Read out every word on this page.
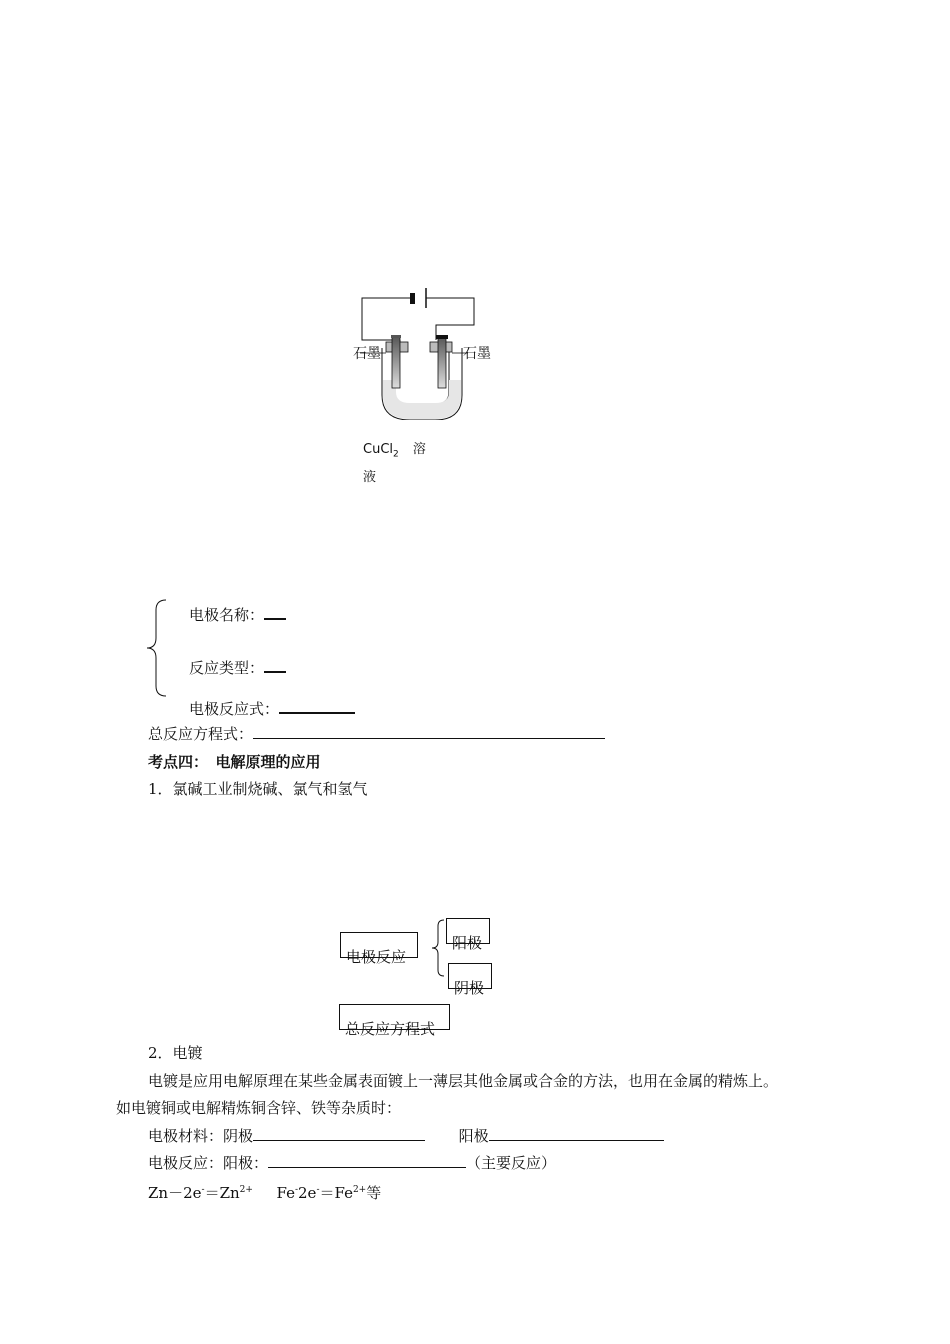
石墨	石墨
CuCl$_2$ 溶
液
电极名称：
反应类型：
电极反应式：
总反应方程式：
考点四：　电解原理的应用
1．氯碱工业制烧碱、氯气和氢气
电极反应
阳极
阴极
总反应方程式
2．电镀
电镀是应用电解原理在某些金属表面镀上一薄层其他金属或合金的方法，也用在金属的精炼上。
如电镀铜或电解精炼铜含锌、铁等杂质时：
电极材料：阴极	阳极
电极反应：阳极：	（主要反应）
$Zn-2e^-=Zn^{2+}$ $Fe^-2e^-=Fe^{2+}$等
